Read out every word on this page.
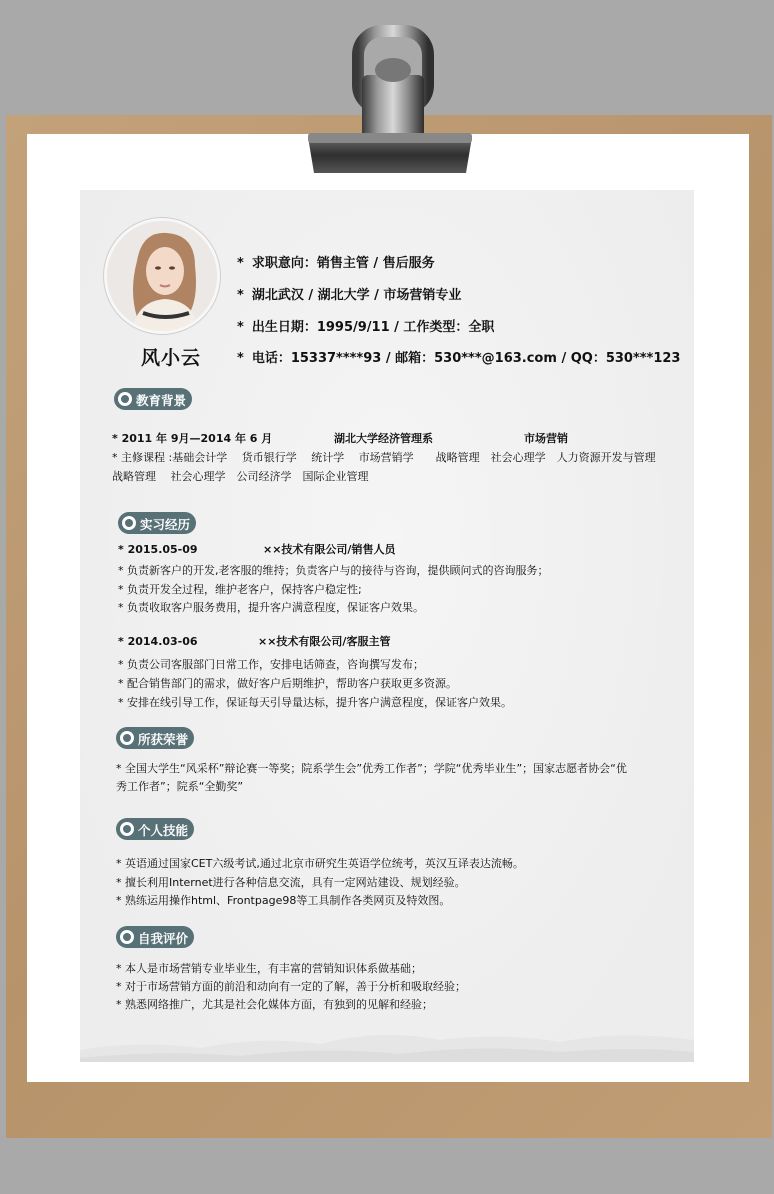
风小云
* 求职意向：销售主管 / 售后服务
* 湖北武汉 / 湖北大学 / 市场营销专业
* 出生日期：1995/9/11 / 工作类型：全职
* 电话：15337****93 / 邮箱：530***@163.com / QQ：530***123
教育背景
* 2011 年 9月—2014 年 6 月	湖北大学经济管理系	市场营销
* 主修课程 :基础会计学　 货币银行学　 统计学　 市场营销学　　战略管理　社会心理学　人力资源开发与管理
战略管理　 社会心理学　公司经济学　国际企业管理
实习经历
* 2015.05-09	××技术有限公司/销售人员
* 负责新客户的开发,老客服的维持；负责客户与的接待与咨询，提供顾问式的咨询服务；
* 负责开发全过程，维护老客户，保持客户稳定性;
* 负责收取客户服务费用，提升客户满意程度，保证客户效果。
* 2014.03-06	××技术有限公司/客服主管
* 负责公司客服部门日常工作，安排电话筛查，咨询撰写发布；
* 配合销售部门的需求，做好客户后期维护，帮助客户获取更多资源。
* 安排在线引导工作，保证每天引导量达标，提升客户满意程度，保证客户效果。
所获荣誉
* 全国大学生“风采杯”辩论赛一等奖；院系学生会”优秀工作者”；学院“优秀毕业生”；国家志愿者协会“优
秀工作者”；院系“全勤奖”
个人技能
* 英语通过国家CET六级考试,通过北京市研究生英语学位统考，英汉互译表达流畅。
* 擅长利用Internet进行各种信息交流，具有一定网站建设、规划经验。
* 熟练运用操作html、Frontpage98等工具制作各类网页及特效图。
自我评价
* 本人是市场营销专业毕业生，有丰富的营销知识体系做基础；
* 对于市场营销方面的前沿和动向有一定的了解，善于分析和吸取经验；
* 熟悉网络推广，尤其是社会化媒体方面，有独到的见解和经验；
